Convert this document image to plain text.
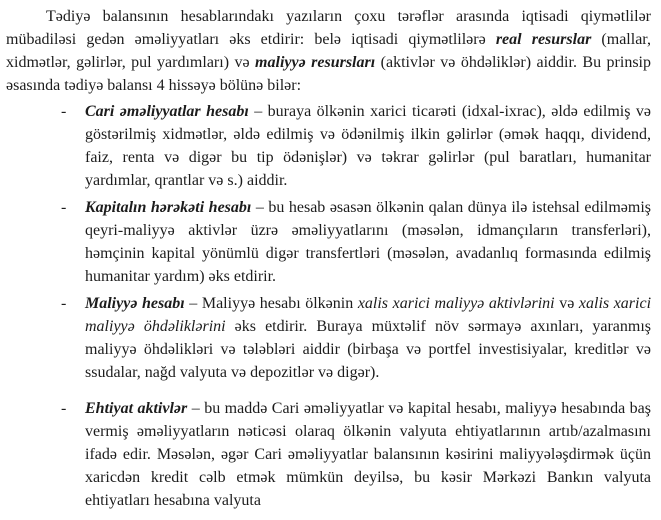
Tədiyə balansının hesablarındakı yazıların çoxu tərəflər arasında iqtisadi qiymətlilər mübadiləsi gedən əməliyyatları əks etdirir: belə iqtisadi qiymətlilərə real resurslar (mallar, xidmətlər, gəlirlər, pul yardımları) və maliyyə resursları (aktivlər və öhdəliklər) aiddir. Bu prinsip əsasında tədiyə balansı 4 hissəyə bölünə bilər:

- Cari əməliyyatlar hesabı – buraya ölkənin xarici ticarəti (idxal-ixrac), əldə edilmiş və göstərilmiş xidmətlər, əldə edilmiş və ödənilmiş ilkin gəlirlər (əmək haqqı, dividend, faiz, renta və digər bu tip ödənişlər) və təkrar gəlirlər (pul baratları, humanitar yardımlar, qrantlar və s.) aiddir.
- Kapitalın hərəkəti hesabı – bu hesab əsasən ölkənin qalan dünya ilə istehsal edilməmiş qeyri-maliyyə aktivlər üzrə əməliyyatlarını (məsələn, idmançıların transferləri), həmçinin kapital yönümlü digər transfertləri (məsələn, avadanlıq formasında edilmiş humanitar yardım) əks etdirir.
- Maliyyə hesabı – Maliyyə hesabı ölkənin xalis xarici maliyyə aktivlərini və xalis xarici maliyyə öhdəliklərini əks etdirir. Buraya müxtəlif növ sərmayə axınları, yaranmış maliyyə öhdəlikləri və tələbləri aiddir (birbaşa və portfel investisiyalar, kreditlər və ssudalar, nağd valyuta və depozitlər və digər).
- Ehtiyat aktivlər – bu maddə Cari əməliyyatlar və kapital hesabı, maliyyə hesabında baş vermiş əməliyyatların nəticəsi olaraq ölkənin valyuta ehtiyatlarının artıb/azalmasını ifadə edir. Məsələn, əgər Cari əməliyyatlar balansının kəsirini maliyyələşdirmək üçün xaricdən kredit cəlb etmək mümkün deyilsə, bu kəsir Mərkəzi Bankın valyuta ehtiyatları hesabına valyuta
